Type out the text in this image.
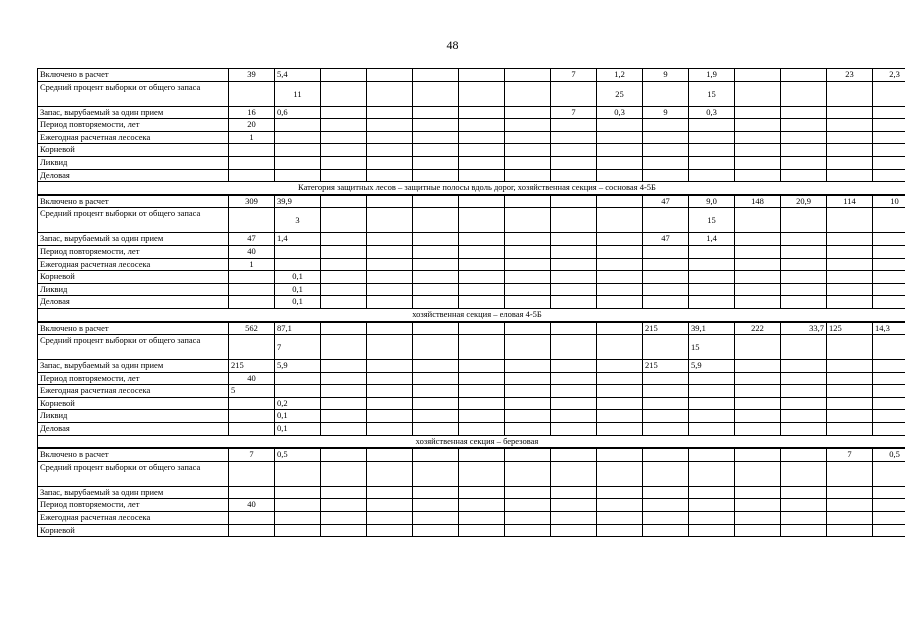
48
Включено в расчет	39	5,4						7	1,2	9	1,9			23	2,3
Средний процент выборки от общего запаса		11							25		15				
Запас, вырубаемый за один прием	16	0,6						7	0,3	9	0,3				
Период повторяемости, лет	20														
Ежегодная расчетная лесосека	1														
Корневой															
Ликвид															
Деловая															
Категория защитных лесов – защитные полосы вдоль дорог, хозяйственная секция – сосновая 4-5Б															
Включено в расчет	309	39,9								47	9,0	148	20,9	114	10
Средний процент выборки от общего запаса		3									15				
Запас, вырубаемый за один прием	47	1,4								47	1,4				
Период повторяемости, лет	40														
Ежегодная расчетная лесосека	1														
Корневой		0,1													
Ликвид		0,1													
Деловая		0,1													
хозяйственная секция – еловая 4-5Б															
Включено в расчет	562	87,1								215	39,1	222	33,7	125	14,3
Средний процент выборки от общего запаса		7									15				
Запас, вырубаемый за один прием	215	5,9								215	5,9				
Период повторяемости, лет	40														
Ежегодная расчетная лесосека	5														
Корневой		0,2													
Ликвид		0,1													
Деловая		0,1													
хозяйственная секция – березовая															
Включено в расчет	7	0,5												7	0,5
Средний процент выборки от общего запаса															
Запас, вырубаемый за один прием															
Период повторяемости, лет	40														
Ежегодная расчетная лесосека															
Корневой															
